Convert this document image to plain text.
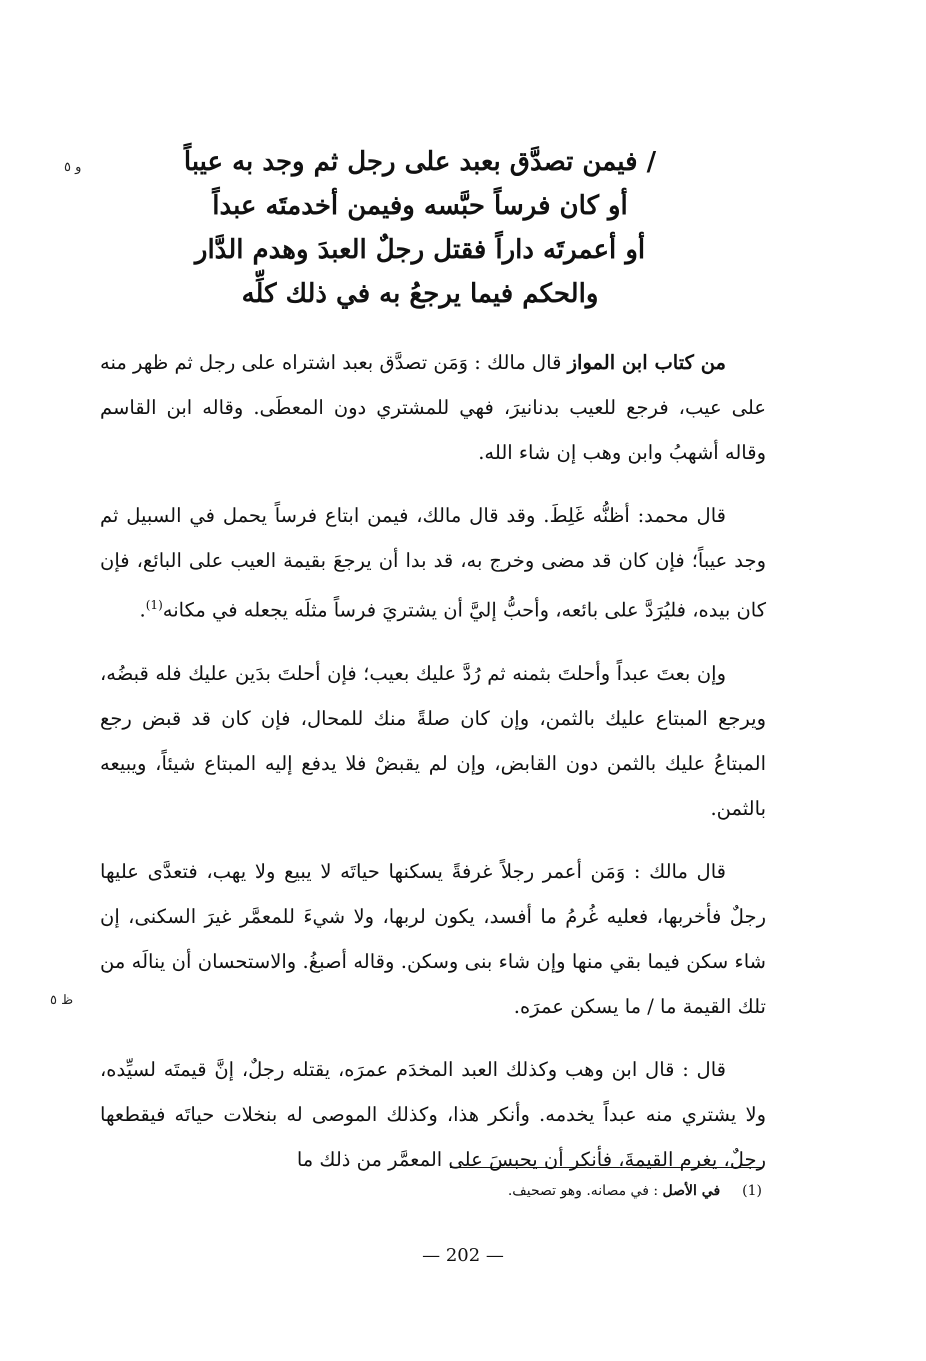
و ٥	/ فيمن تصدَّق بعبد على رجل ثم وجد به عيباً
أو كان فرساً حبَّسه وفيمن أخدمتَه عبداً
أو أعمرتَه داراً فقتل رجلٌ العبدَ وهدم الدَّار
والحكم فيما يرجعُ به في ذلك كلِّه

من كتاب ابن المواز قال مالك : وَمَن تصدَّق بعبد اشتراه على رجل ثم ظهر منه على عيب، فرجع للعيب بدنانيرَ، فهي للمشتري دون المعطَى. وقاله ابن القاسم وقاله أشهبُ وابن وهب إن شاء الله.

قال محمد: أظنُّه غَلِطَ. وقد قال مالك، فيمن ابتاع فرساً يحمل في السبيل ثم وجد عيباً؛ فإن كان قد مضى وخرج به، قد بدا أن يرجعَ بقيمة العيب على البائع، فإن كان بيده، فليُرَدَّ على بائعه، وأحبُّ إليَّ أن يشتريَ فرساً مثلَه يجعله في مكانه$^{(1)}$.

وإن بعتَ عبداً وأحلتَ بثمنه ثم رُدَّ عليك بعيب؛ فإن أحلتَ بدَين عليك فله قبضُه، ويرجع المبتاع عليك بالثمن، وإن كان صلةً منك للمحال، فإن كان قد قبض رجع المبتاعُ عليك بالثمن دون القابض، وإن لم يقبضْ فلا يدفع إليه المبتاع شيئاً، ويبيعه بالثمن.

قال مالك : وَمَن أعمر رجلاً غرفةً يسكنها حياتَه لا يبيع ولا يهب، فتعدَّى عليها رجلٌ فأخربها، فعليه غُرمُ ما أفسد، يكون لربها، ولا شيءَ للمعمَّر غيرَ السكنى، إن شاء سكن فيما بقي منها وإن شاء بنى وسكن. وقاله أصبغُ. والاستحسان أن ينالَه من تلك القيمة ما / ما يسكن عمرَه.

قال : قال ابن وهب وكذلك العبد المخدَم عمرَه، يقتله رجلٌ، إنَّ قيمتَه لسيِّده، ولا يشتري منه عبداً يخدمه. وأنكر هذا، وكذلك الموصى له بنخلات حياتَه فيقطعها رجلٌ، يغرم القيمةَ، فأنكر أن يحبسَ على المعمَّر من ذلك ما

ظ ٥
(1)في الأصل : في مصانه. وهو تصحيف.
— 202 —
